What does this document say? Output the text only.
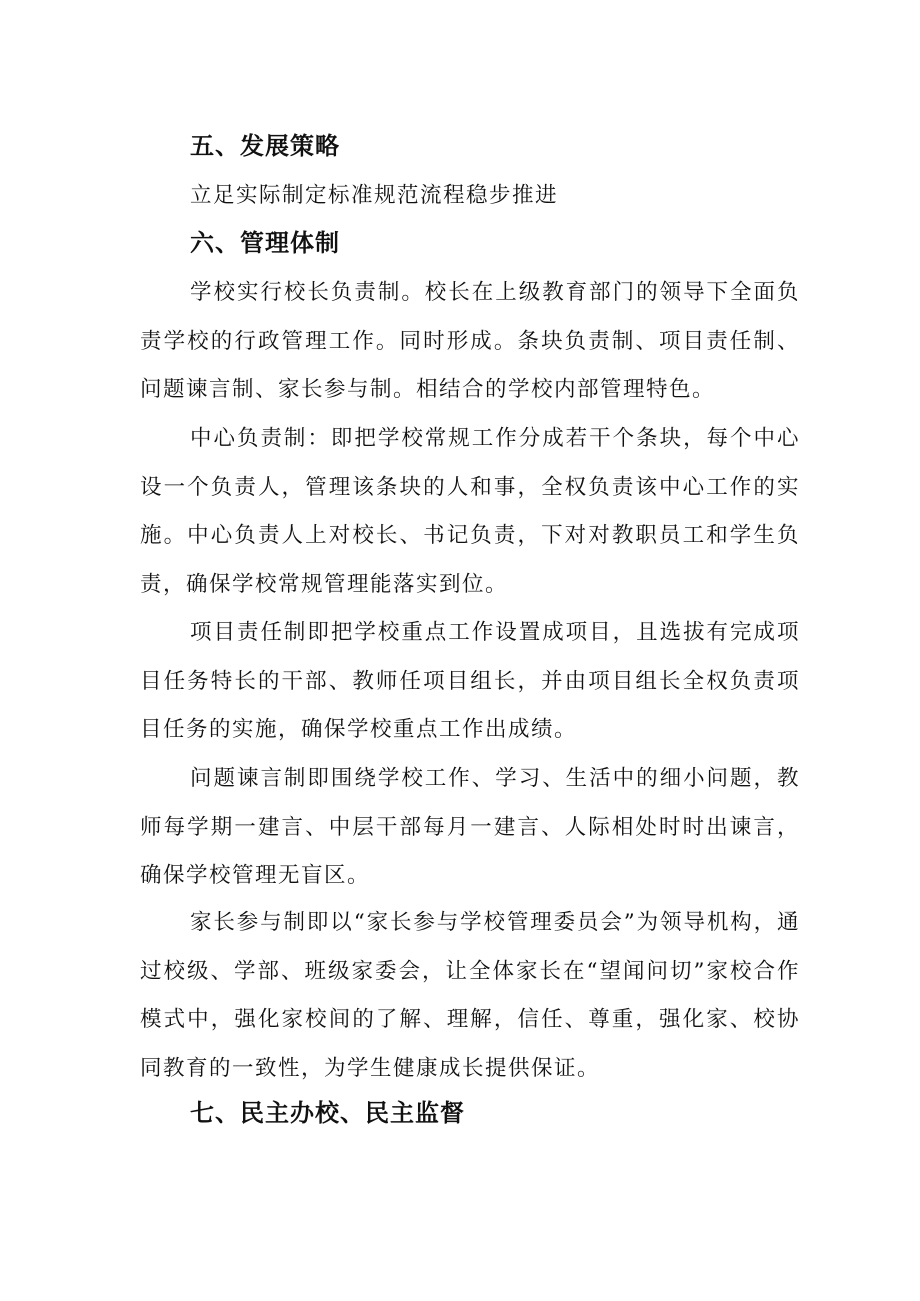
五、发展策略
立足实际制定标准规范流程稳步推进
六、管理体制
学校实行校长负责制。校长在上级教育部门的领导下全面负责学校的行政管理工作。同时形成。条块负责制、项目责任制、问题谏言制、家长参与制。相结合的学校内部管理特色。
中心负责制：即把学校常规工作分成若干个条块，每个中心设一个负责人，管理该条块的人和事，全权负责该中心工作的实施。中心负责人上对校长、书记负责，下对对教职员工和学生负责，确保学校常规管理能落实到位。
项目责任制即把学校重点工作设置成项目，且选拔有完成项目任务特长的干部、教师任项目组长，并由项目组长全权负责项目任务的实施，确保学校重点工作出成绩。
问题谏言制即围绕学校工作、学习、生活中的细小问题，教师每学期一建言、中层干部每月一建言、人际相处时时出谏言，确保学校管理无盲区。
家长参与制即以“家长参与学校管理委员会”为领导机构，通过校级、学部、班级家委会，让全体家长在“望闻问切”家校合作模式中，强化家校间的了解、理解，信任、尊重，强化家、校协同教育的一致性，为学生健康成长提供保证。
七、民主办校、民主监督
